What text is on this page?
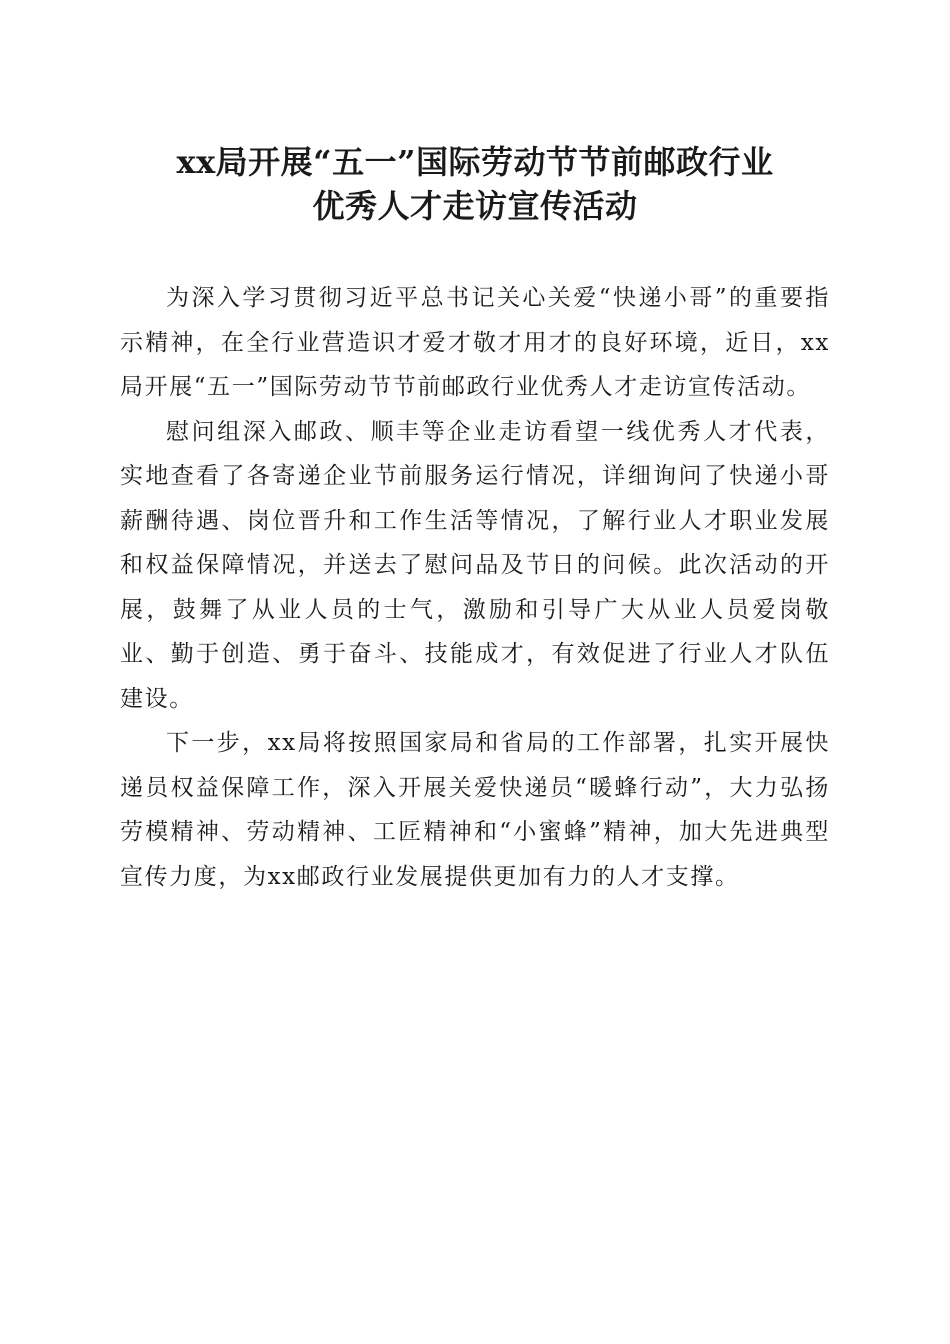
xx局开展“五一”国际劳动节节前邮政行业
优秀人才走访宣传活动

为深入学习贯彻习近平总书记关心关爱“快递小哥”的重要指示精神，在全行业营造识才爱才敬才用才的良好环境，近日，xx局开展“五一”国际劳动节节前邮政行业优秀人才走访宣传活动。

慰问组深入邮政、顺丰等企业走访看望一线优秀人才代表，实地查看了各寄递企业节前服务运行情况，详细询问了快递小哥薪酬待遇、岗位晋升和工作生活等情况，了解行业人才职业发展和权益保障情况，并送去了慰问品及节日的问候。此次活动的开展，鼓舞了从业人员的士气，激励和引导广大从业人员爱岗敬业、勤于创造、勇于奋斗、技能成才，有效促进了行业人才队伍建设。

下一步，xx局将按照国家局和省局的工作部署，扎实开展快递员权益保障工作，深入开展关爱快递员“暖蜂行动”，大力弘扬劳模精神、劳动精神、工匠精神和“小蜜蜂”精神，加大先进典型宣传力度，为xx邮政行业发展提供更加有力的人才支撑。
